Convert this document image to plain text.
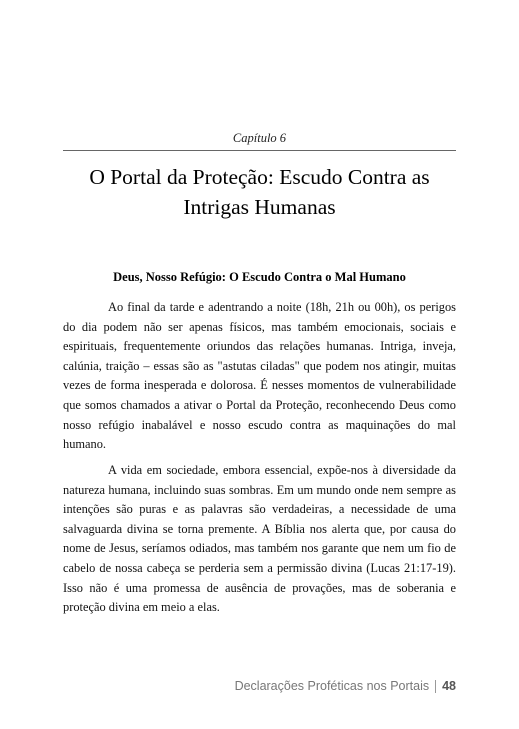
Capítulo 6
O Portal da Proteção: Escudo Contra as
Intrigas Humanas
Deus, Nosso Refúgio: O Escudo Contra o Mal Humano

Ao final da tarde e adentrando a noite (18h, 21h ou 00h), os perigos do dia podem não ser apenas físicos, mas também emocionais, sociais e espirituais, frequentemente oriundos das relações humanas. Intriga, inveja, calúnia, traição – essas são as "astutas ciladas" que podem nos atingir, muitas vezes de forma inesperada e dolorosa. É nesses momentos de vulnerabilidade que somos chamados a ativar o Portal da Proteção, reconhecendo Deus como nosso refúgio inabalável e nosso escudo contra as maquinações do mal humano.

A vida em sociedade, embora essencial, expõe-nos à diversidade da natureza humana, incluindo suas sombras. Em um mundo onde nem sempre as intenções são puras e as palavras são verdadeiras, a necessidade de uma salvaguarda divina se torna premente. A Bíblia nos alerta que, por causa do nome de Jesus, seríamos odiados, mas também nos garante que nem um fio de cabelo de nossa cabeça se perderia sem a permissão divina (Lucas 21:17-19). Isso não é uma promessa de ausência de provações, mas de soberania e proteção divina em meio a elas.

Declarações Proféticas nos Portais 48
